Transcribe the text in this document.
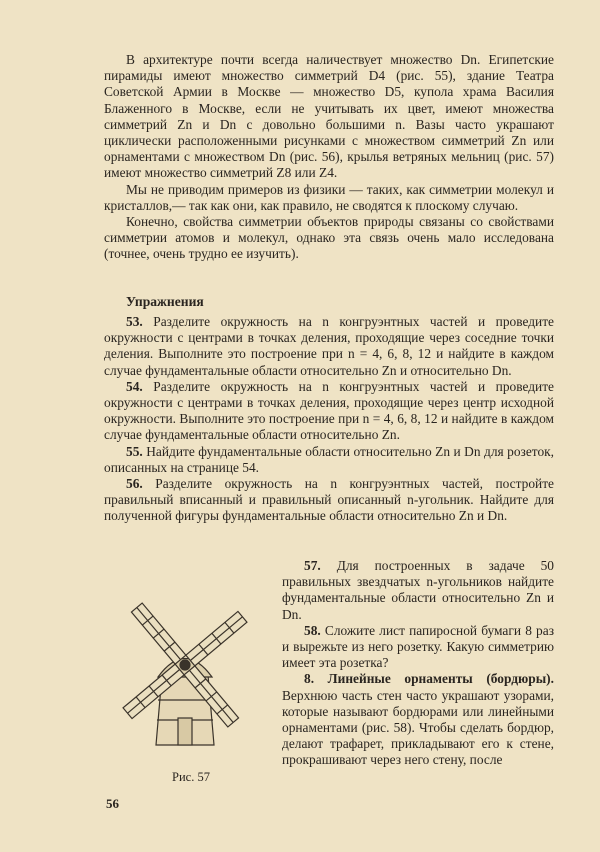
В архитектуре почти всегда наличествует множество Dn. Египетские пирамиды имеют множество симметрий D4 (рис. 55), здание Театра Советской Армии в Москве — множество D5, купола храма Василия Блаженного в Москве, если не учитывать их цвет, имеют множества симметрий Zn и Dn с довольно большими n. Вазы часто украшают циклически расположенными рисунками с множеством симметрий Zn или орнаментами с множеством Dn (рис. 56), крылья ветряных мельниц (рис. 57) имеют множество симметрий Z8 или Z4.

Мы не приводим примеров из физики — таких, как симметрии молекул и кристаллов,— так как они, как правило, не сводятся к плоскому случаю.

Конечно, свойства симметрии объектов природы связаны со свойствами симметрии атомов и молекул, однако эта связь очень мало исследована (точнее, очень трудно ее изучить).

Упражнения

53. Разделите окружность на n конгруэнтных частей и проведите окружности с центрами в точках деления, проходящие через соседние точки деления. Выполните это построение при n = 4, 6, 8, 12 и найдите в каждом случае фундаментальные области относительно Zn и относительно Dn.

54. Разделите окружность на n конгруэнтных частей и проведите окружности с центрами в точках деления, проходящие через центр исходной окружности. Выполните это построение при n = 4, 6, 8, 12 и найдите в каждом случае фундаментальные области относительно Zn.

55. Найдите фундаментальные области относительно Zn и Dn для розеток, описанных на странице 54.

56. Разделите окружность на n конгруэнтных частей, постройте правильный вписанный и правильный описанный n-угольник. Найдите для полученной фигуры фундаментальные области относительно Zn и Dn.

Рис. 57

57. Для построенных в задаче 50 правильных звездчатых n-угольников найдите фундаментальные области относительно Zn и Dn.

58. Сложите лист папиросной бумаги 8 раз и вырежьте из него розетку. Какую симметрию имеет эта розетка?

8. Линейные орнаменты (бордюры). Верхнюю часть стен часто украшают узорами, которые называют бордюрами или линейными орнаментами (рис. 58). Чтобы сделать бордюр, делают трафарет, прикладывают его к стене, прокрашивают через него стену, после

56
